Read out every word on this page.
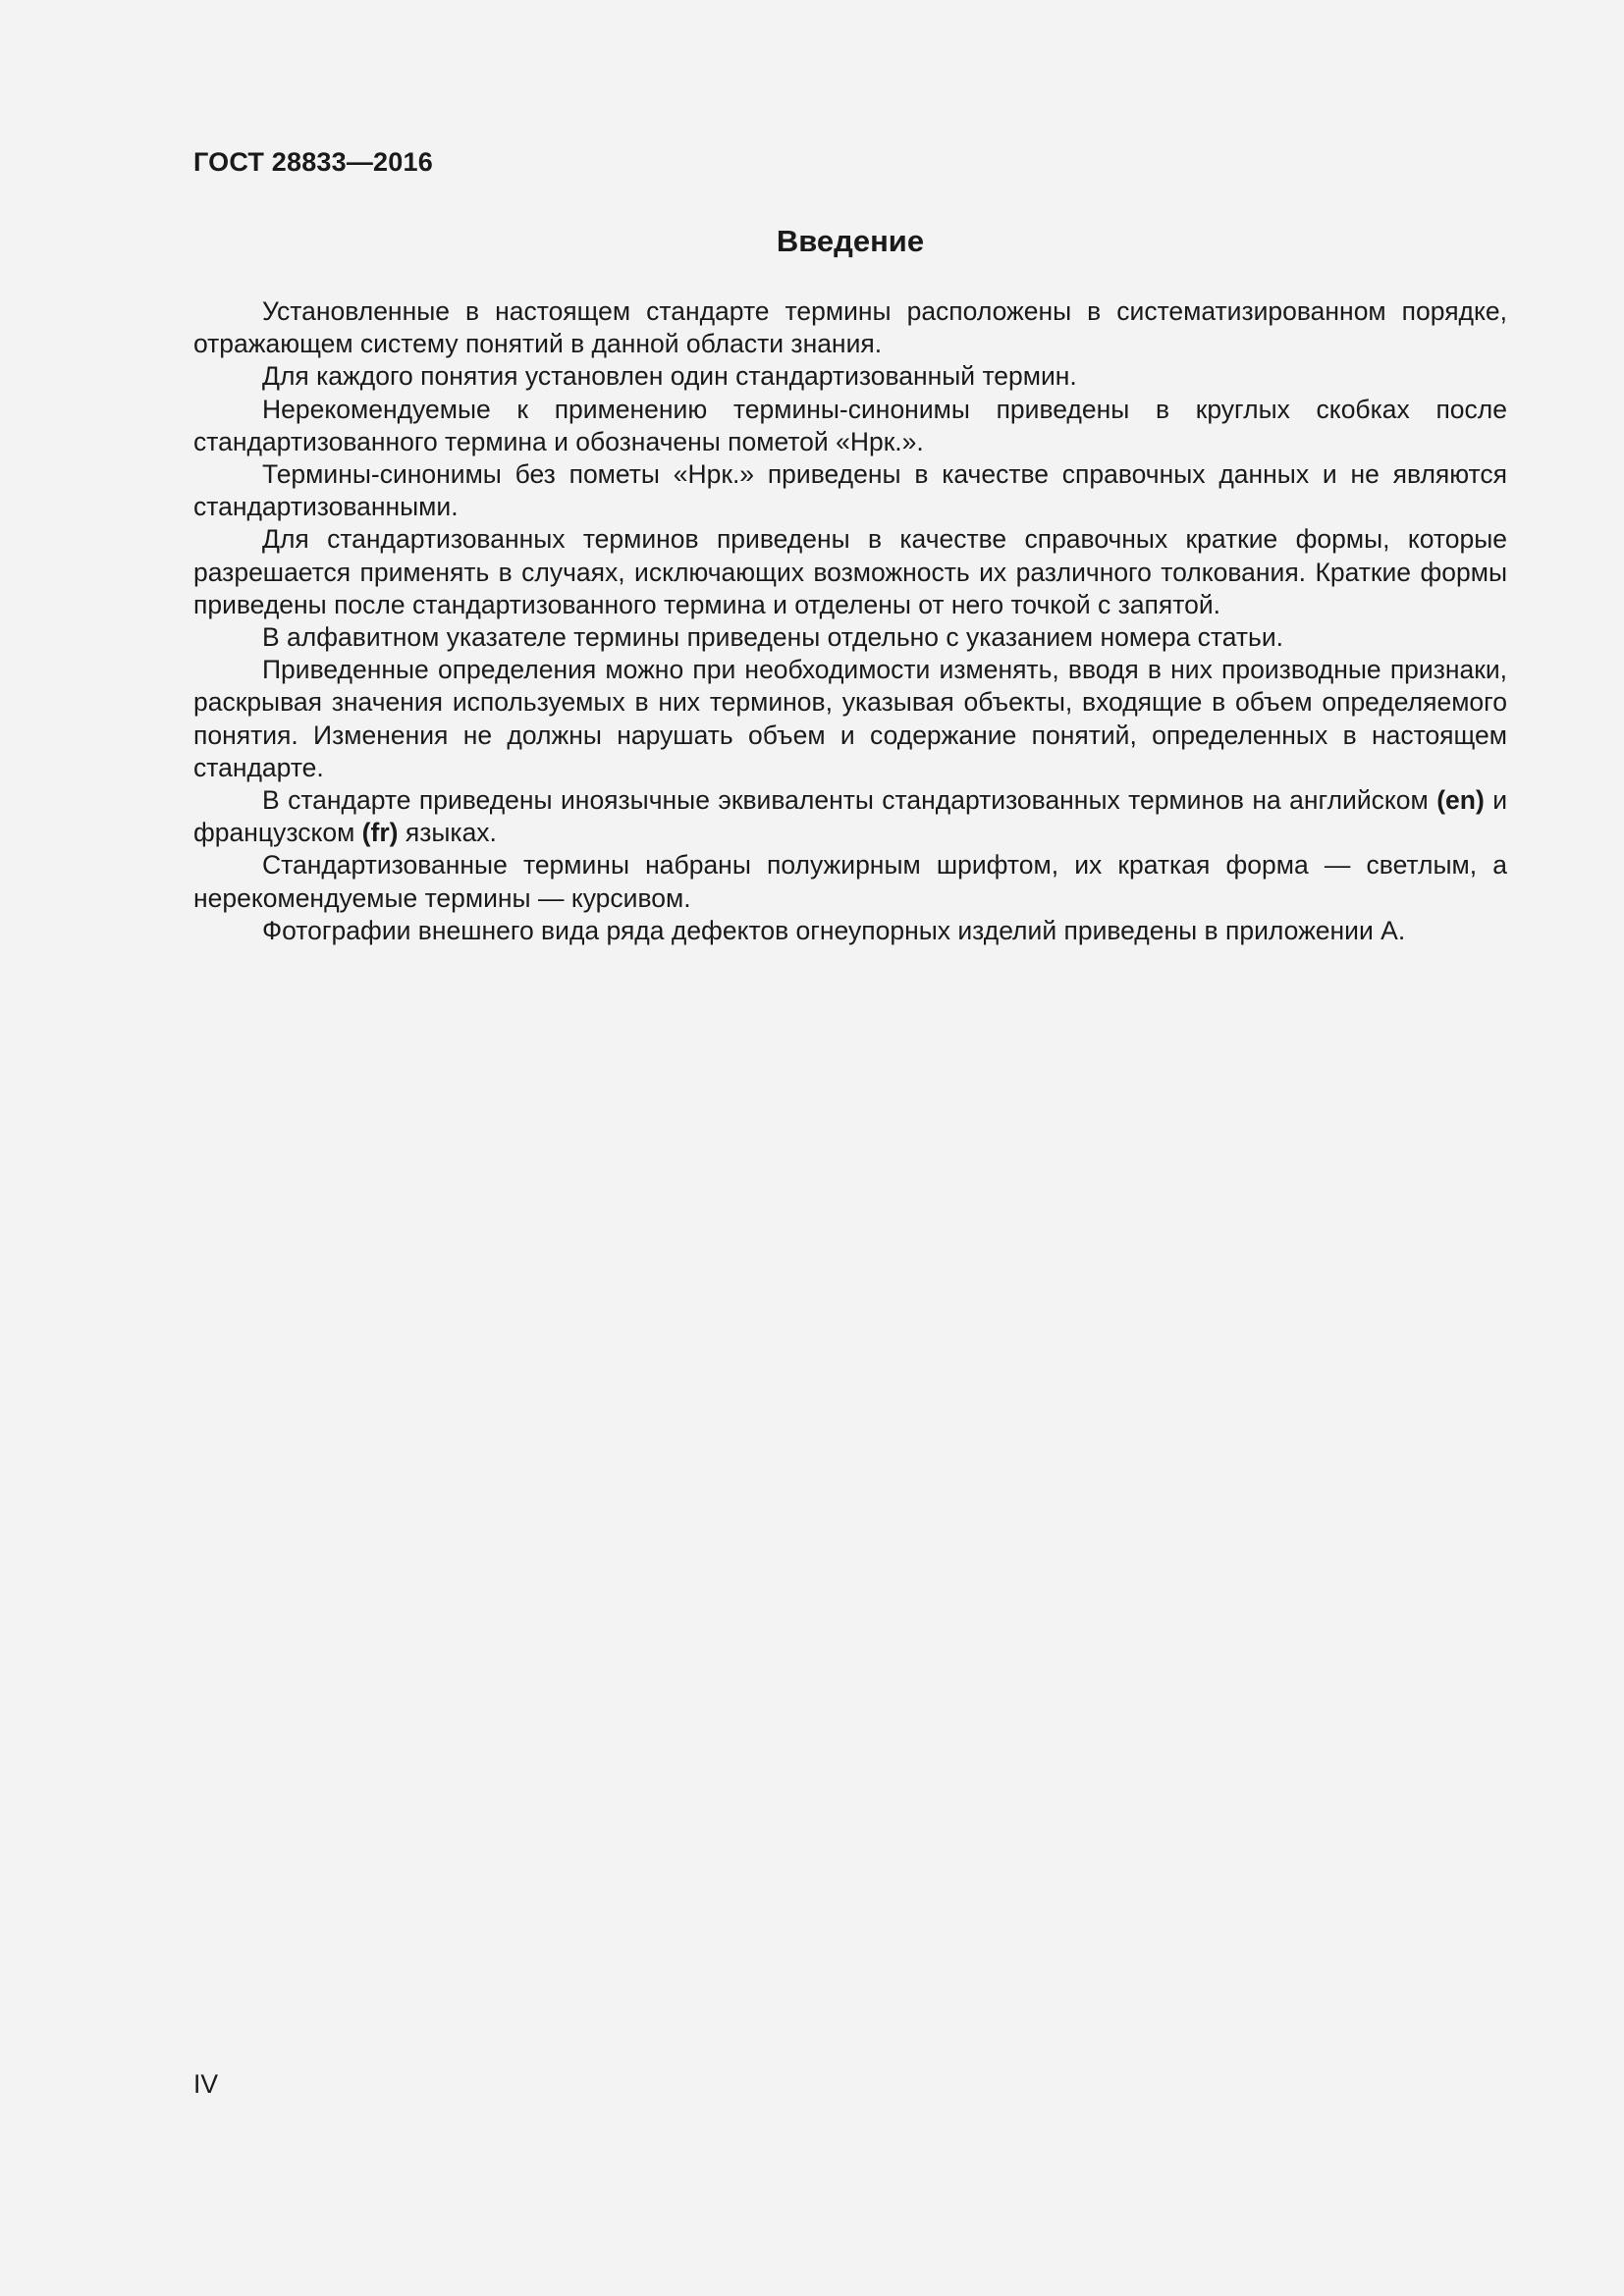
ГОСТ 28833—2016
Введение

Установленные в настоящем стандарте термины расположены в систематизированном порядке, отражающем систему понятий в данной области знания.

Для каждого понятия установлен один стандартизованный термин.

Нерекомендуемые к применению термины-синонимы приведены в круглых скобках после стандартизованного термина и обозначены пометой «Нрк.».

Термины-синонимы без пометы «Нрк.» приведены в качестве справочных данных и не являются стандартизованными.

Для стандартизованных терминов приведены в качестве справочных краткие формы, которые разрешается применять в случаях, исключающих возможность их различного толкования. Краткие формы приведены после стандартизованного термина и отделены от него точкой с запятой.

В алфавитном указателе термины приведены отдельно с указанием номера статьи.

Приведенные определения можно при необходимости изменять, вводя в них производные признаки, раскрывая значения используемых в них терминов, указывая объекты, входящие в объем определяемого понятия. Изменения не должны нарушать объем и содержание понятий, определенных в настоящем стандарте.

В стандарте приведены иноязычные эквиваленты стандартизованных терминов на английском (en) и французском (fr) языках.

Стандартизованные термины набраны полужирным шрифтом, их краткая форма — светлым, а нерекомендуемые термины — курсивом.

Фотографии внешнего вида ряда дефектов огнеупорных изделий приведены в приложении А.

IV
